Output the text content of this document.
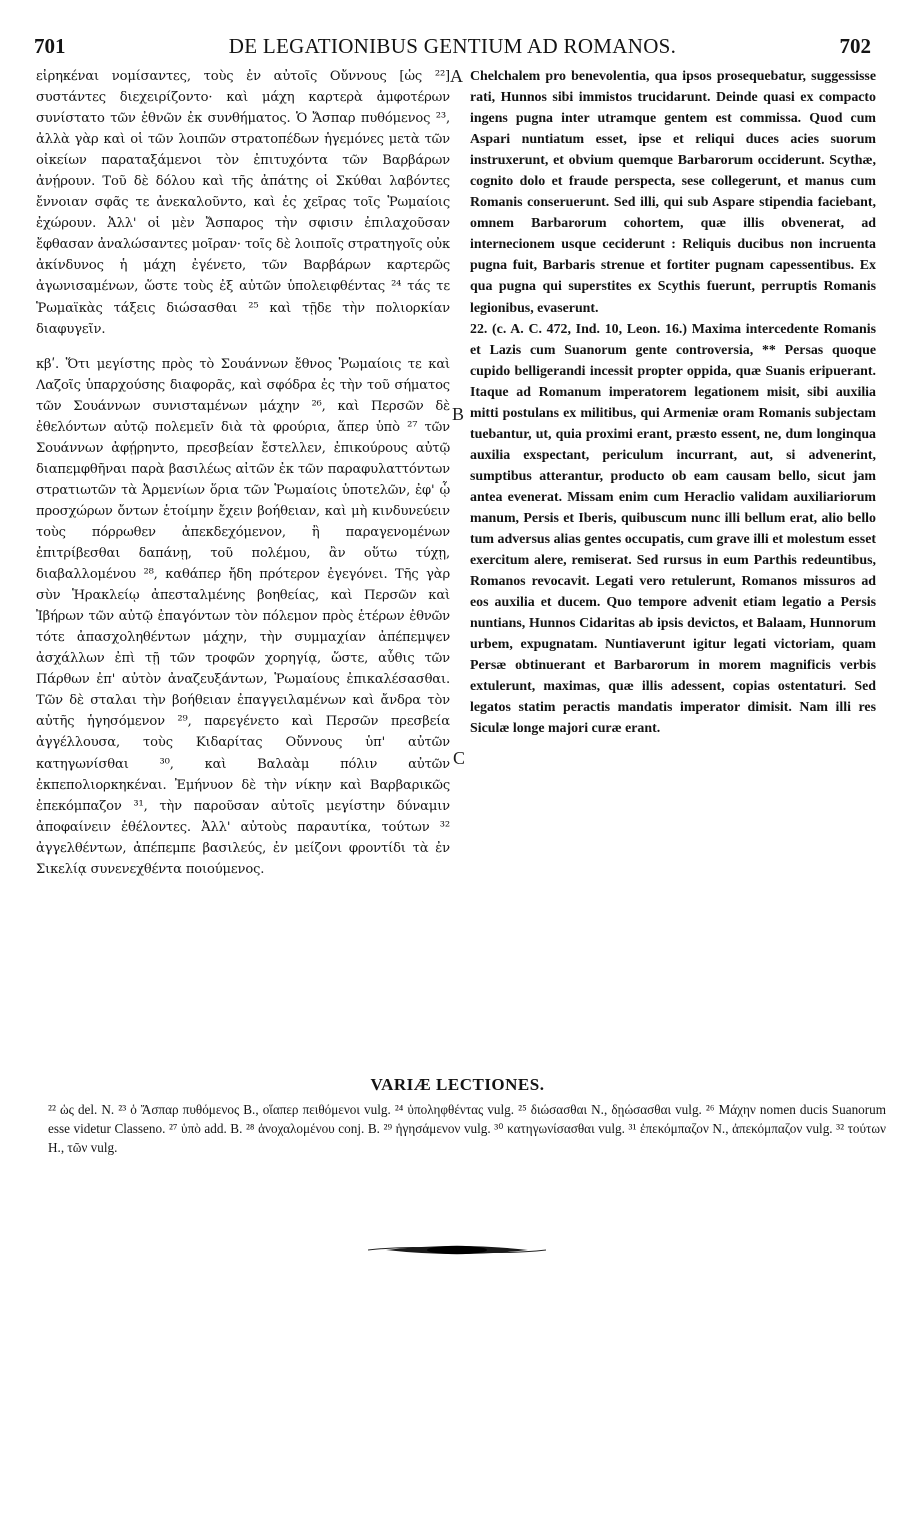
701	DE LEGATIONIBUS GENTIUM AD ROMANOS.	702

εἰρηκέναι νομίσαντες, τοὺς ἐν αὐτοῖς Οὔννους [ὡς ²²] συστάντες διεχειρίζοντο· καὶ μάχη καρτερὰ ἀμφοτέρων συνίστατο τῶν ἐθνῶν ἐκ συνθήματος. Ὁ Ἄσπαρ πυθόμενος ²³, ἀλλὰ γὰρ καὶ οἱ τῶν λοιπῶν στρατοπέδων ἡγεμόνες μετὰ τῶν οἰκείων παραταξάμενοι τὸν ἐπιτυχόντα τῶν Βαρβάρων ἀνῄρουν. Τοῦ δὲ δόλου καὶ τῆς ἀπάτης οἱ Σκύθαι λαβόντες ἔννοιαν σφᾶς τε ἀνεκαλοῦντο, καὶ ἐς χεῖρας τοῖς Ῥωμαίοις ἐχώρουν. Ἀλλ' οἱ μὲν Ἄσπαρος τὴν σφισιν ἐπιλαχοῦσαν ἔφθασαν ἀναλώσαντες μοῖραν· τοῖς δὲ λοιποῖς στρατηγοῖς οὐκ ἀκίνδυνος ἡ μάχη ἐγένετο, τῶν Βαρβάρων καρτερῶς ἀγωνισαμένων, ὥστε τοὺς ἐξ αὐτῶν ὑπολειφθέντας ²⁴ τάς τε Ῥωμαϊκὰς τάξεις διώσασθαι ²⁵ καὶ τῇδε τὴν πολιορκίαν διαφυγεῖν.

κβʹ. Ὅτι μεγίστης πρὸς τὸ Σουάννων ἔθνος Ῥωμαίοις τε καὶ Λαζοῖς ὑπαρχούσης διαφορᾶς, καὶ σφόδρα ἐς τὴν τοῦ σήματος τῶν Σουάννων συνισταμένων μάχην ²⁶, καὶ Περσῶν δὲ ἐθελόντων αὐτῷ πολεμεῖν διὰ τὰ φρούρια, ἅπερ ὑπὸ ²⁷ τῶν Σουάννων ἀφῄρηντο, πρεσβείαν ἔστελλεν, ἐπικούρους αὐτῷ διαπεμφθῆναι παρὰ βασιλέως αἰτῶν ἐκ τῶν παραφυλαττόντων στρατιωτῶν τὰ Ἀρμενίων ὅρια τῶν Ῥωμαίοις ὑποτελῶν, ἐφ' ᾧ προσχώρων ὄντων ἑτοίμην ἔχειν βοήθειαν, καὶ μὴ κινδυνεύειν τοὺς πόρρωθεν ἀπεκδεχόμενον, ἢ παραγενομένων ἐπιτρίβεσθαι δαπάνῃ, τοῦ πολέμου, ἂν οὕτω τύχῃ, διαβαλλομένου ²⁸, καθάπερ ἤδη πρότερον ἐγεγόνει. Τῆς γὰρ σὺν Ἡρακλείῳ ἀπεσταλμένης βοηθείας, καὶ Περσῶν καὶ Ἰβήρων τῶν αὐτῷ ἐπαγόντων τὸν πόλεμον πρὸς ἑτέρων ἐθνῶν τότε ἀπασχοληθέντων μάχην, τὴν συμμαχίαν ἀπέπεμψεν ἀσχάλλων ἐπὶ τῇ τῶν τροφῶν χορηγίᾳ, ὥστε, αὖθις τῶν Πάρθων ἐπ' αὐτὸν ἀναζευξάντων, Ῥωμαίους ἐπικαλέσασθαι. Τῶν δὲ σταλαι τὴν βοήθειαν ἐπαγγειλαμένων καὶ ἄνδρα τὸν αὐτῆς ἡγησόμενον ²⁹, παρεγένετο καὶ Περσῶν πρεσβεία ἀγγέλλουσα, τοὺς Κιδαρίτας Οὔννους ὑπ' αὐτῶν κατηγωνίσθαι ³⁰, καὶ Βαλαὰμ πόλιν αὐτῶν ἐκπεπολιορκηκέναι. Ἐμήνυον δὲ τὴν νίκην καὶ Βαρβαρικῶς ἐπεκόμπαζον ³¹, τὴν παροῦσαν αὐτοῖς μεγίστην δύναμιν ἀποφαίνειν ἐθέλοντες. Ἀλλ' αὐτοὺς παραυτίκα, τούτων ³² ἀγγελθέντων, ἀπέπεμπε βασιλεύς, ἐν μείζονι φροντίδι τὰ ἐν Σικελίᾳ συνενεχθέντα ποιούμενος.

Chelchalem pro benevolentia, qua ipsos prosequebatur, suggessisse rati, Hunnos sibi immistos trucidarunt. Deinde quasi ex compacto ingens pugna inter utramque gentem est commissa. Quod cum Aspari nuntiatum esset, ipse et reliqui duces acies suorum instruxerunt, et obvium quemque Barbarorum occiderunt. Scythæ, cognito dolo et fraude perspecta, sese collegerunt, et manus cum Romanis conseruerunt. Sed illi, qui sub Aspare stipendia faciebant, omnem Barbarorum cohortem, quæ illis obvenerat, ad internecionem usque ceciderunt : Reliquis ducibus non incruenta pugna fuit, Barbaris strenue et fortiter pugnam capessentibus. Ex qua pugna qui superstites ex Scythis fuerunt, perruptis Romanis legionibus, evaserunt.

22. (c. A. C. 472, Ind. 10, Leon. 16.) Maxima intercedente Romanis et Lazis cum Suanorum gente controversia, ** Persas quoque cupido belligerandi incessit propter oppida, quæ Suanis eripuerant. Itaque ad Romanum imperatorem legationem misit, sibi auxilia mitti postulans ex militibus, qui Armeniæ oram Romanis subjectam tuebantur, ut, quia proximi erant, præsto essent, ne, dum longinqua auxilia exspectant, periculum incurrant, aut, si advenerint, sumptibus atterantur, producto ob eam causam bello, sicut jam antea evenerat. Missam enim cum Heraclio validam auxiliariorum manum, Persis et Iberis, quibuscum nunc illi bellum erat, alio bello tum adversus alias gentes occupatis, cum grave illi et molestum esset exercitum alere, remiserat. Sed rursus in eum Parthis redeuntibus, Romanos revocavit. Legati vero retulerunt, Romanos missuros ad eos auxilia et ducem. Quo tempore advenit etiam legatio a Persis nuntians, Hunnos Cidaritas ab ipsis devictos, et Balaam, Hunnorum urbem, expugnatam. Nuntiaverunt igitur legati victoriam, quam Persæ obtinuerant et Barbarorum in morem magnificis verbis extulerunt, maximas, quæ illis adessent, copias ostentaturi. Sed legatos statim peractis mandatis imperator dimisit. Nam illi res Siculæ longe majori curæ erant.

A
B
C
VARIÆ LECTIONES.

²² ὡς del. N. ²³ ὁ Ἄσπαρ πυθόμενος B., οἵαπερ πειθόμενοι vulg. ²⁴ ὑποληφθέντας vulg. ²⁵ διώσασθαι N., δῃώσασθαι vulg. ²⁶ Μάχην nomen ducis Suanorum esse videtur Classeno. ²⁷ ὑπὸ add. B. ²⁸ ἀνοχαλομένου conj. B. ²⁹ ἡγησάμενον vulg. ³⁰ κατηγωνίσασθαι vulg. ³¹ ἐπεκόμπαζον N., ἀπεκόμπαζον vulg. ³² τούτων H., τῶν vulg.
